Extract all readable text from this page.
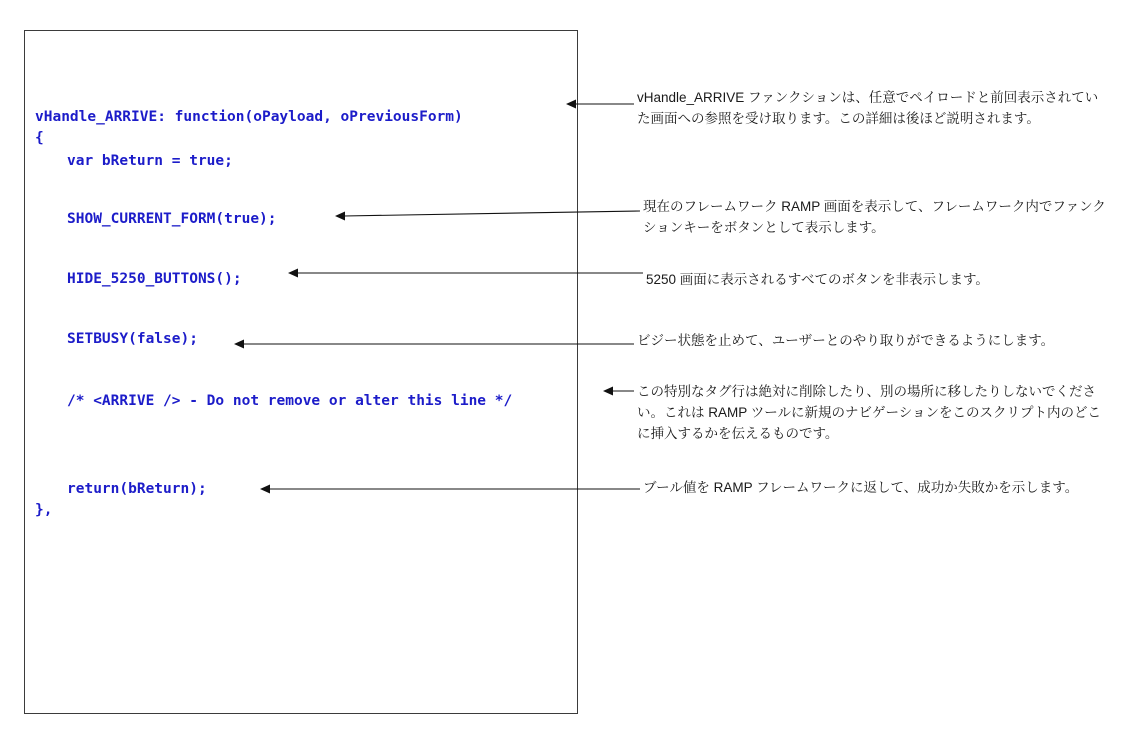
vHandle_ARRIVE: function(oPayload, oPreviousForm)
{
var bReturn = true;
SHOW_CURRENT_FORM(true);
HIDE_5250_BUTTONS();
SETBUSY(false);
/* <ARRIVE /> - Do not remove or alter this line */
return(bReturn);
},
vHandle_ARRIVE ファンクションは、任意でペイロードと前回表示されていた画面への参照を受け取ります。この詳細は後ほど説明されます。
現在のフレームワーク RAMP 画面を表示して、フレームワーク内でファンクションキーをボタンとして表示します。
5250 画面に表示されるすべてのボタンを非表示します。
ビジー状態を止めて、ユーザーとのやり取りができるようにします。
この特別なタグ行は絶対に削除したり、別の場所に移したりしないでください。これは RAMP ツールに新規のナビゲーションをこのスクリプト内のどこに挿入するかを伝えるものです。
ブール値を RAMP フレームワークに返して、成功か失敗かを示します。
